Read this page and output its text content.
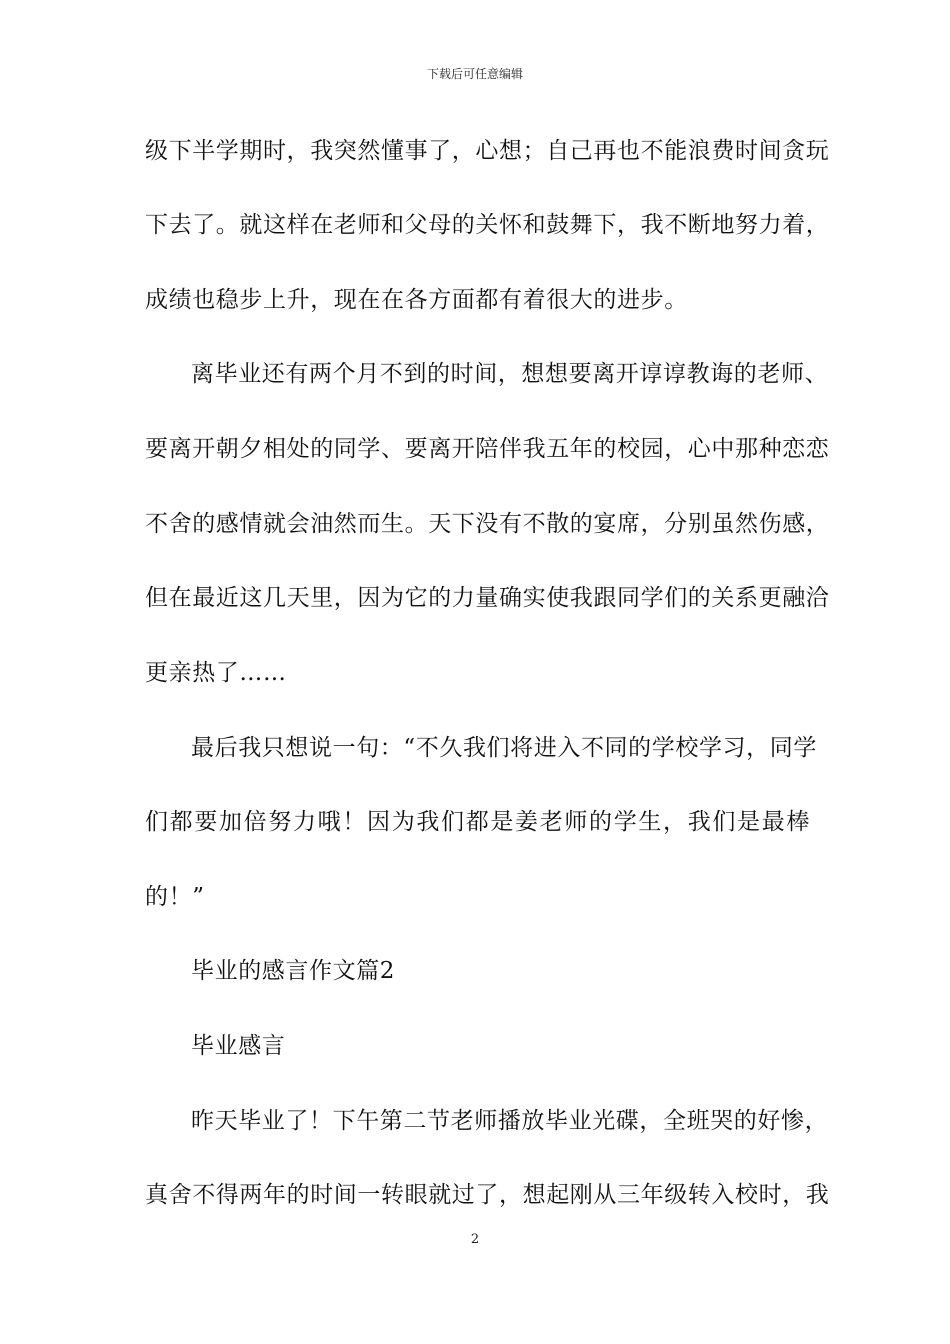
下载后可任意编辑
级下半学期时，我突然懂事了，心想；自己再也不能浪费时间贪玩
下去了。就这样在老师和父母的关怀和鼓舞下，我不断地努力着，
成绩也稳步上升，现在在各方面都有着很大的进步。
离毕业还有两个月不到的时间，想想要离开谆谆教诲的老师、
要离开朝夕相处的同学、要离开陪伴我五年的校园，心中那种恋恋
不舍的感情就会油然而生。天下没有不散的宴席，分别虽然伤感，
但在最近这几天里，因为它的力量确实使我跟同学们的关系更融洽
更亲热了……
最后我只想说一句：“不久我们将进入不同的学校学习，同学
们都要加倍努力哦！因为我们都是姜老师的学生，我们是最棒
的！”
毕业的感言作文篇2
毕业感言
昨天毕业了！下午第二节老师播放毕业光碟，全班哭的好惨，
真舍不得两年的时间一转眼就过了，想起刚从三年级转入校时，我
2
